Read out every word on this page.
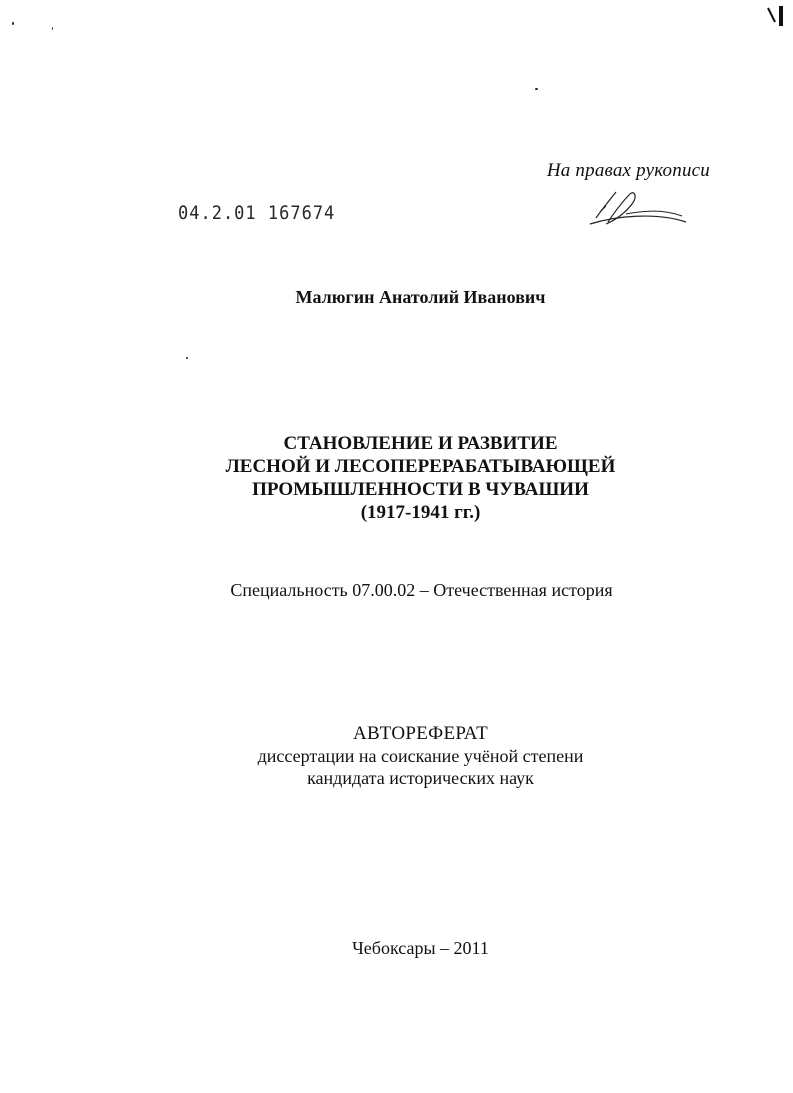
На правах рукописи
04.2.01 167674
Малюгин Анатолий Иванович
СТАНОВЛЕНИЕ И РАЗВИТИЕ
ЛЕСНОЙ И ЛЕСОПЕРЕРАБАТЫВАЮЩЕЙ
ПРОМЫШЛЕННОСТИ В ЧУВАШИИ
(1917-1941 гг.)
Специальность 07.00.02 – Отечественная история
АВТОРЕФЕРАТ
диссертации на соискание учёной степени
кандидата исторических наук
Чебоксары – 2011
